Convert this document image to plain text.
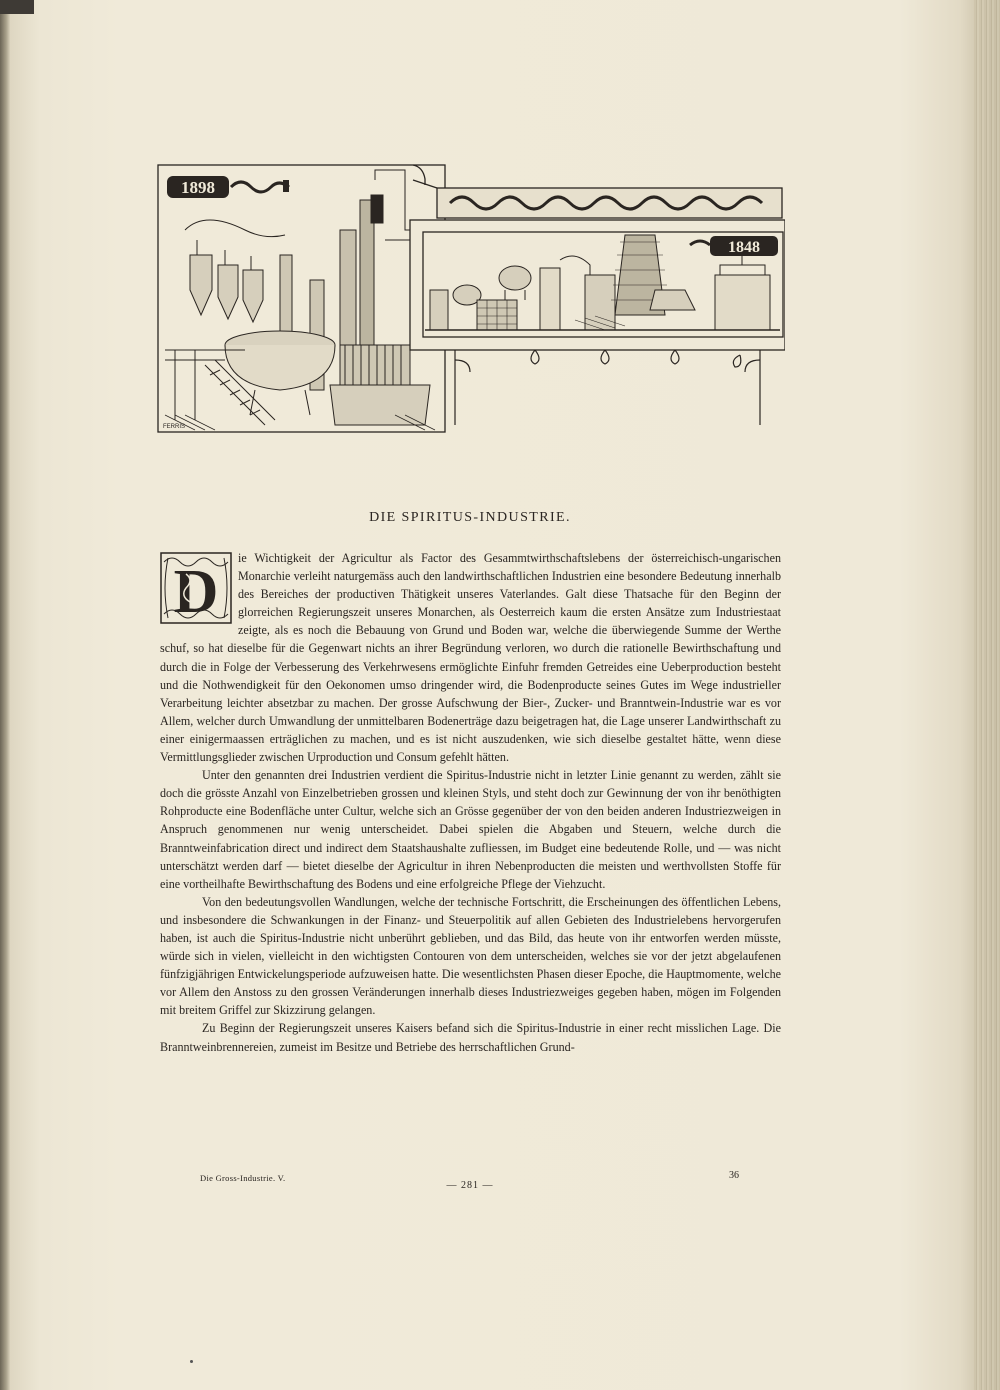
1898
FERRIS
1848
DIE SPIRITUS-INDUSTRIE.
D	ie Wichtigkeit der Agricultur als Factor des Gesammtwirthschaftslebens der österreichisch-ungarischen Monarchie verleiht naturgemäss auch den landwirthschaftlichen Industrien eine besondere Bedeutung innerhalb des Bereiches der productiven Thätigkeit unseres Vaterlandes. Galt diese Thatsache für den Beginn der glorreichen Regierungszeit unseres Monarchen, als Oesterreich kaum die ersten Ansätze zum Industriestaat zeigte, als es noch die Bebauung von Grund und Boden war, welche die überwiegende Summe der Werthe schuf, so hat dieselbe für die Gegenwart nichts an ihrer Begründung verloren, wo durch die rationelle Bewirthschaftung und durch die in Folge der Verbesserung des Verkehrwesens ermöglichte Einfuhr fremden Getreides eine Ueberproduction besteht und die Nothwendigkeit für den Oekonomen umso dringender wird, die Bodenproducte seines Gutes im Wege industrieller Verarbeitung leichter absetzbar zu machen. Der grosse Aufschwung der Bier-, Zucker- und Branntwein-Industrie war es vor Allem, welcher durch Umwandlung der unmittelbaren Bodenerträge dazu beigetragen hat, die Lage unserer Landwirthschaft zu einer einigermaassen erträglichen zu machen, und es ist nicht auszudenken, wie sich dieselbe gestaltet hätte, wenn diese Vermittlungsglieder zwischen Urproduction und Consum gefehlt hätten.

Unter den genannten drei Industrien verdient die Spiritus-Industrie nicht in letzter Linie genannt zu werden, zählt sie doch die grösste Anzahl von Einzelbetrieben grossen und kleinen Styls, und steht doch zur Gewinnung der von ihr benöthigten Rohproducte eine Bodenfläche unter Cultur, welche sich an Grösse gegenüber der von den beiden anderen Industriezweigen in Anspruch genommenen nur wenig unterscheidet. Dabei spielen die Abgaben und Steuern, welche durch die Branntweinfabrication direct und indirect dem Staatshaushalte zufliessen, im Budget eine bedeutende Rolle, und — was nicht unterschätzt werden darf — bietet dieselbe der Agricultur in ihren Nebenproducten die meisten und werthvollsten Stoffe für eine vortheilhafte Bewirthschaftung des Bodens und eine erfolgreiche Pflege der Viehzucht.

Von den bedeutungsvollen Wandlungen, welche der technische Fortschritt, die Erscheinungen des öffentlichen Lebens, und insbesondere die Schwankungen in der Finanz- und Steuerpolitik auf allen Gebieten des Industrielebens hervorgerufen haben, ist auch die Spiritus-Industrie nicht unberührt geblieben, und das Bild, das heute von ihr entworfen werden müsste, würde sich in vielen, vielleicht in den wichtigsten Contouren von dem unterscheiden, welches sie vor der jetzt abgelaufenen fünfzigjährigen Entwickelungsperiode aufzuweisen hatte. Die wesentlichsten Phasen dieser Epoche, die Hauptmomente, welche vor Allem den Anstoss zu den grossen Veränderungen innerhalb dieses Industriezweiges gegeben haben, mögen im Folgenden mit breitem Griffel zur Skizzirung gelangen.

Zu Beginn der Regierungszeit unseres Kaisers befand sich die Spiritus-Industrie in einer recht misslichen Lage. Die Branntweinbrennereien, zumeist im Besitze und Betriebe des herrschaftlichen Grund-

Die Gross-Industrie. V.	36
— 281 —
